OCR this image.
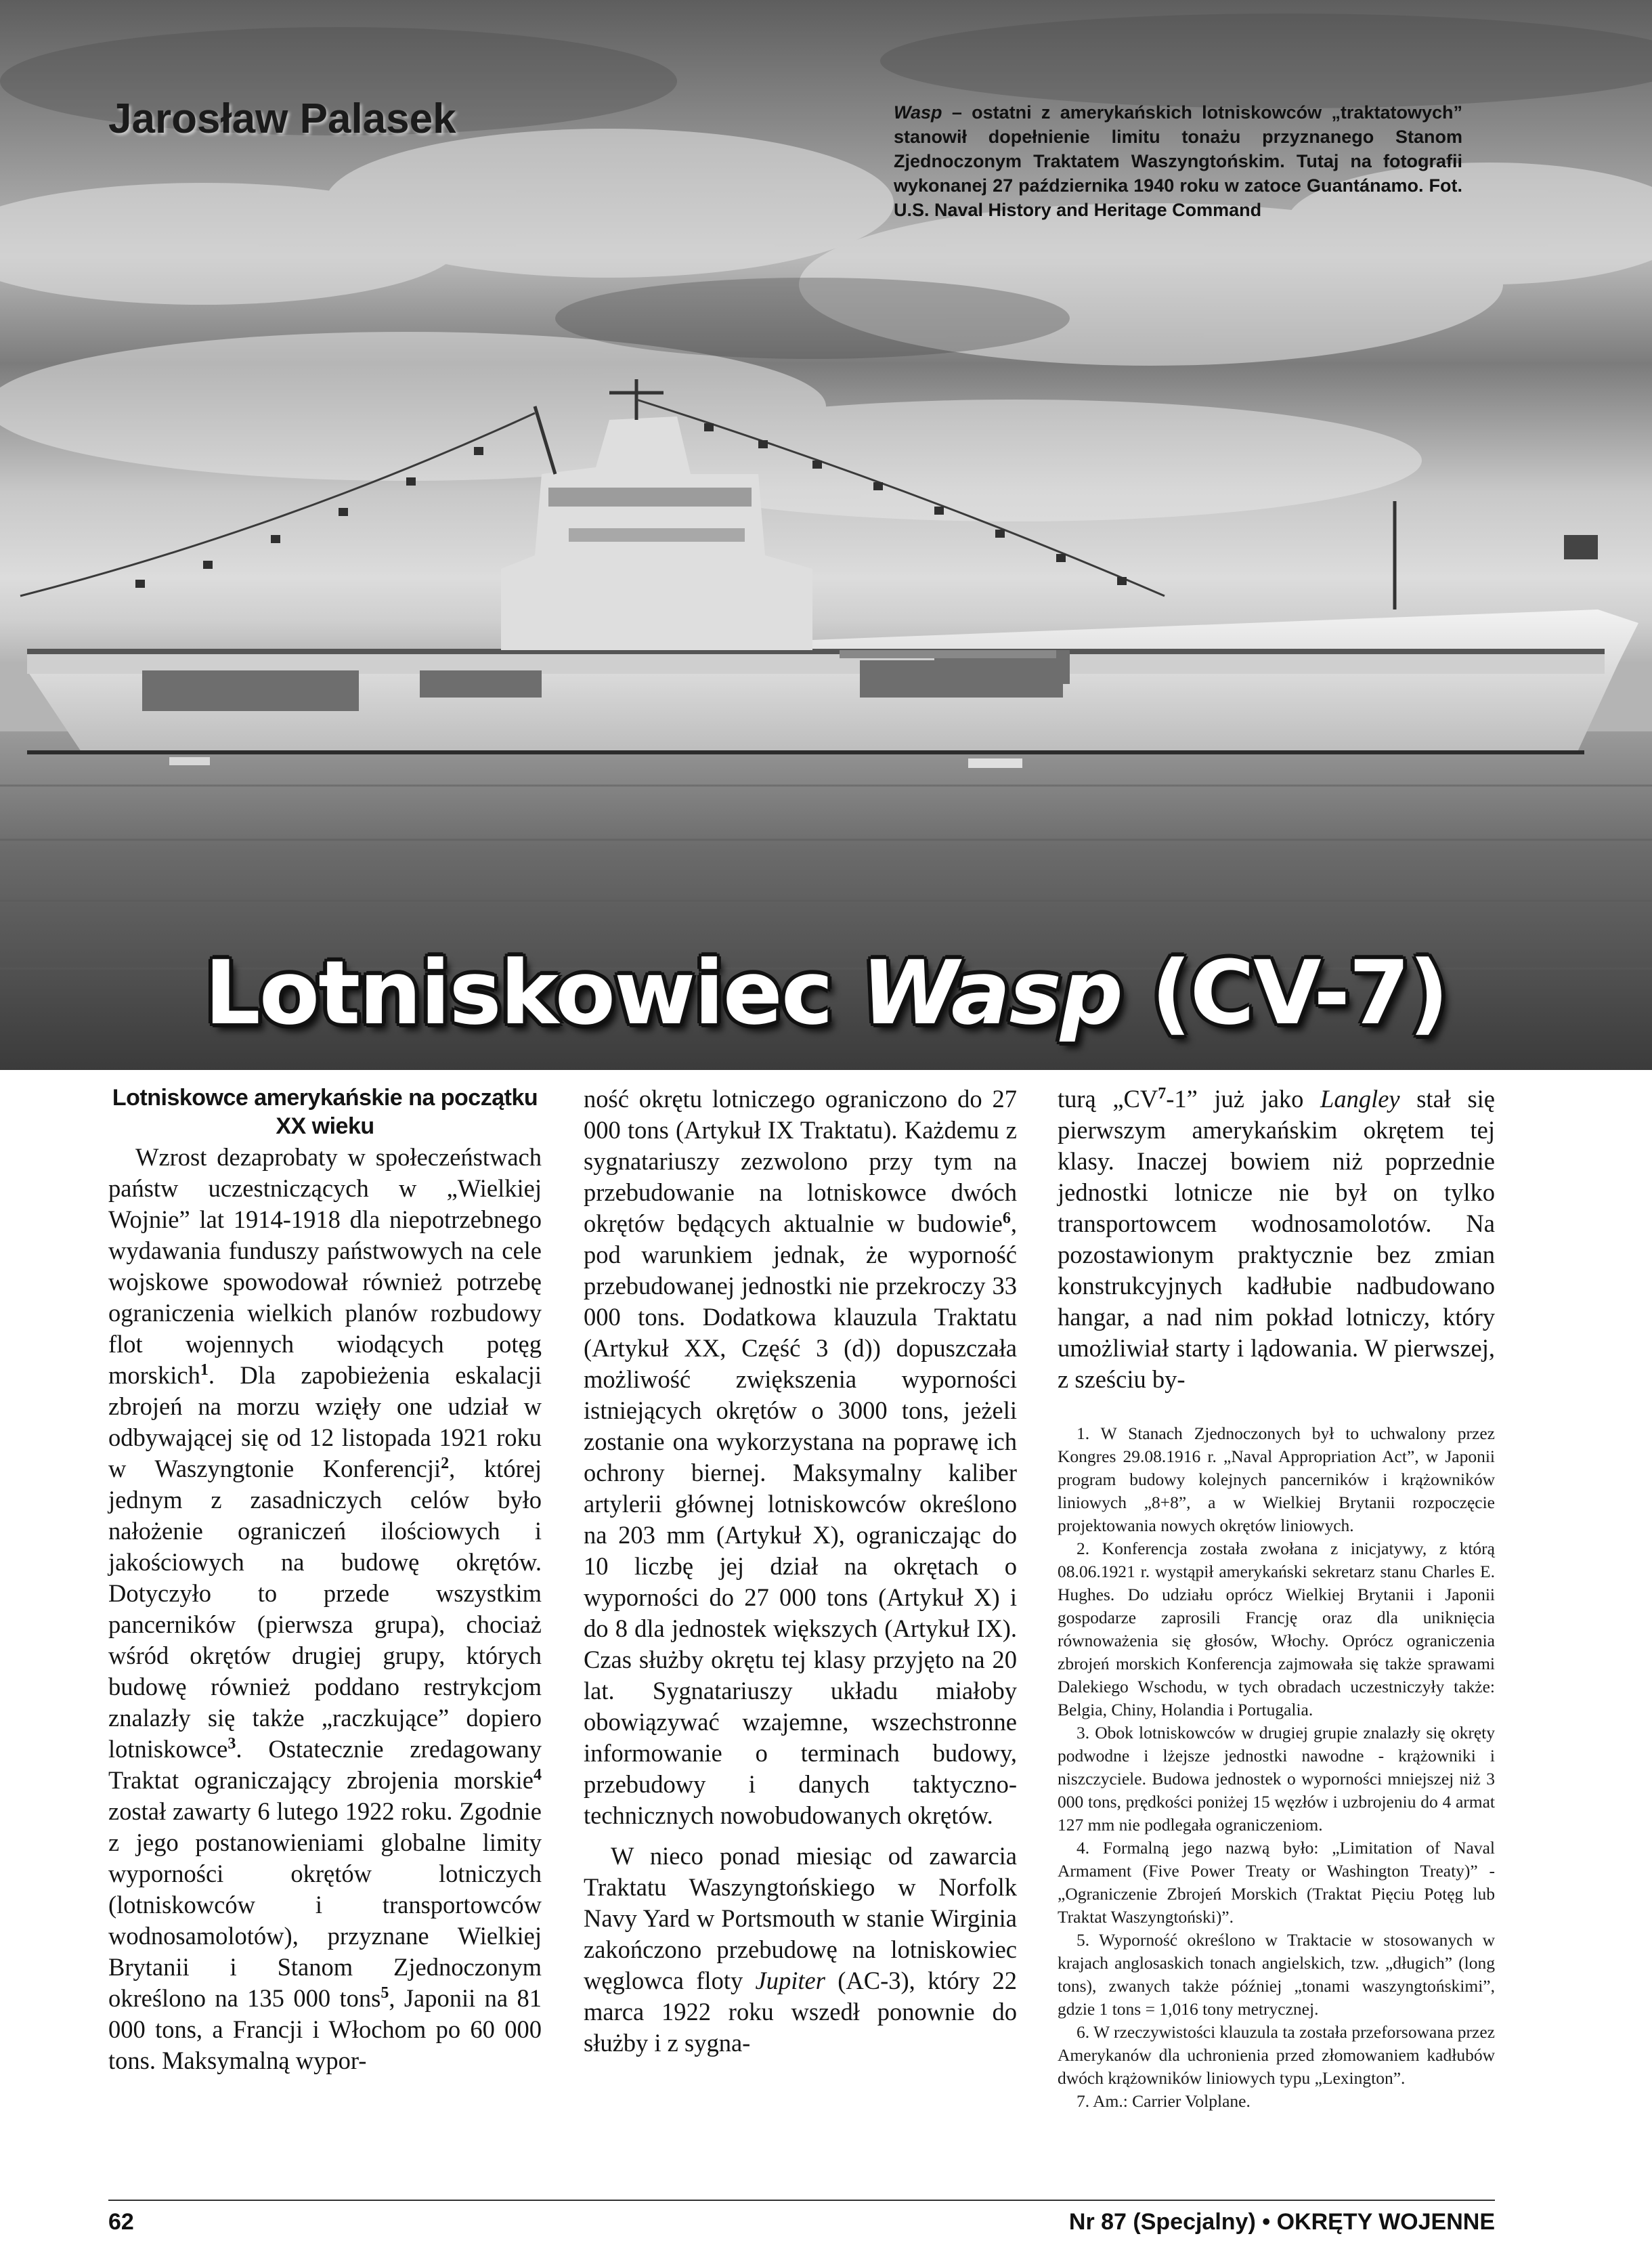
Jarosław Palasek	Wasp – ostatni z amerykańskich lotniskowców „traktatowych” stanowił dopełnienie limitu tonażu przyznanego Stanom Zjednoczonym Traktatem Waszyngtońskim. Tutaj na fotografii wykonanej 27 października 1940 roku w zatoce Guantánamo. Fot. U.S. Naval History and Heritage Command

Lotniskowiec Wasp (CV-7)
Lotniskowce amerykańskie na początku XX wieku

Wzrost dezaprobaty w społeczeństwach państw uczestniczących w „Wielkiej Wojnie” lat 1914-1918 dla niepotrzebnego wydawania funduszy państwowych na cele wojskowe spowodował również potrzebę ograniczenia wielkich planów rozbudowy flot wojennych wiodących potęg morskich$^1$. Dla zapobieżenia eskalacji zbrojeń na morzu wzięły one udział w odbywającej się od 12 listopada 1921 roku w Waszyngtonie Konferencji$^2$, której jednym z zasadniczych celów było nałożenie ograniczeń ilościowych i jakościowych na budowę okrętów. Dotyczyło to przede wszystkim pancerników (pierwsza grupa), chociaż wśród okrętów drugiej grupy, których budowę również poddano restrykcjom znalazły się także „raczkujące” dopiero lotniskowce$^3$. Ostatecznie zredagowany Traktat ograniczający zbrojenia morskie$^4$ został zawarty 6 lutego 1922 roku. Zgodnie z jego postanowieniami globalne limity wyporności okrętów lotniczych (lotniskowców i transportowców wodnosamolotów), przyznane Wielkiej Brytanii i Stanom Zjednoczonym określono na 135 000 tons$^5$, Japonii na 81 000 tons, a Francji i Włochom po 60 000 tons. Maksymalną wypor-

ność okrętu lotniczego ograniczono do 27 000 tons (Artykuł IX Traktatu). Każdemu z sygnatariuszy zezwolono przy tym na przebudowanie na lotniskowce dwóch okrętów będących aktualnie w budowie$^6$, pod warunkiem jednak, że wyporność przebudowanej jednostki nie przekroczy 33 000 tons. Dodatkowa klauzula Traktatu (Artykuł XX, Część 3 (d)) dopuszczała możliwość zwiększenia wyporności istniejących okrętów o 3000 tons, jeżeli zostanie ona wykorzystana na poprawę ich ochrony biernej. Maksymalny kaliber artylerii głównej lotniskowców określono na 203 mm (Artykuł X), ograniczając do 10 liczbę jej dział na okrętach o wyporności do 27 000 tons (Artykuł X) i do 8 dla jednostek większych (Artykuł IX). Czas służby okrętu tej klasy przyjęto na 20 lat. Sygnatariuszy układu miałoby obowiązywać wzajemne, wszechstronne informowanie o terminach budowy, przebudowy i danych taktyczno-technicznych nowobudowanych okrętów.

W nieco ponad miesiąc od zawarcia Traktatu Waszyngtońskiego w Norfolk Navy Yard w Portsmouth w stanie Wirginia zakończono przebudowę na lotniskowiec węglowca floty Jupiter (AC-3), który 22 marca 1922 roku wszedł ponownie do służby i z sygna-

turą $„CV^7-1$” już jako Langley stał się pierwszym amerykańskim okrętem tej klasy. Inaczej bowiem niż poprzednie jednostki lotnicze nie był on tylko transportowcem wodnosamolotów. Na pozostawionym praktycznie bez zmian konstrukcyjnych kadłubie nadbudowano hangar, a nad nim pokład lotniczy, który umożliwiał starty i lądowania. W pierwszej, z sześciu by-

1. W Stanach Zjednoczonych był to uchwalony przez Kongres 29.08.1916 r. „Naval Appropriation Act”, w Japonii program budowy kolejnych pancerników i krążowników liniowych „8+8”, a w Wielkiej Brytanii rozpoczęcie projektowania nowych okrętów liniowych.

2. Konferencja została zwołana z inicjatywy, z którą 08.06.1921 r. wystąpił amerykański sekretarz stanu Charles E. Hughes. Do udziału oprócz Wielkiej Brytanii i Japonii gospodarze zaprosili Francję oraz dla uniknięcia równoważenia się głosów, Włochy. Oprócz ograniczenia zbrojeń morskich Konferencja zajmowała się także sprawami Dalekiego Wschodu, w tych obradach uczestniczyły także: Belgia, Chiny, Holandia i Portugalia.

3. Obok lotniskowców w drugiej grupie znalazły się okręty podwodne i lżejsze jednostki nawodne - krążowniki i niszczyciele. Budowa jednostek o wyporności mniejszej niż 3 000 tons, prędkości poniżej 15 węzłów i uzbrojeniu do 4 armat 127 mm nie podlegała ograniczeniom.

4. Formalną jego nazwą było: „Limitation of Naval Armament (Five Power Treaty or Washington Treaty)” - „Ograniczenie Zbrojeń Morskich (Traktat Pięciu Potęg lub Traktat Waszyngtoński)”.

5. Wyporność określono w Traktacie w stosowanych w krajach anglosaskich tonach angielskich, tzw. „długich” (long tons), zwanych także później „tonami waszyngtońskimi”, gdzie 1 tons = 1,016 tony metrycznej.

6. W rzeczywistości klauzula ta została przeforsowana przez Amerykanów dla uchronienia przed złomowaniem kadłubów dwóch krążowników liniowych typu „Lexington”.

7. Am.: Carrier Volplane.

62	Nr 87 (Specjalny) • OKRĘTY WOJENNE
